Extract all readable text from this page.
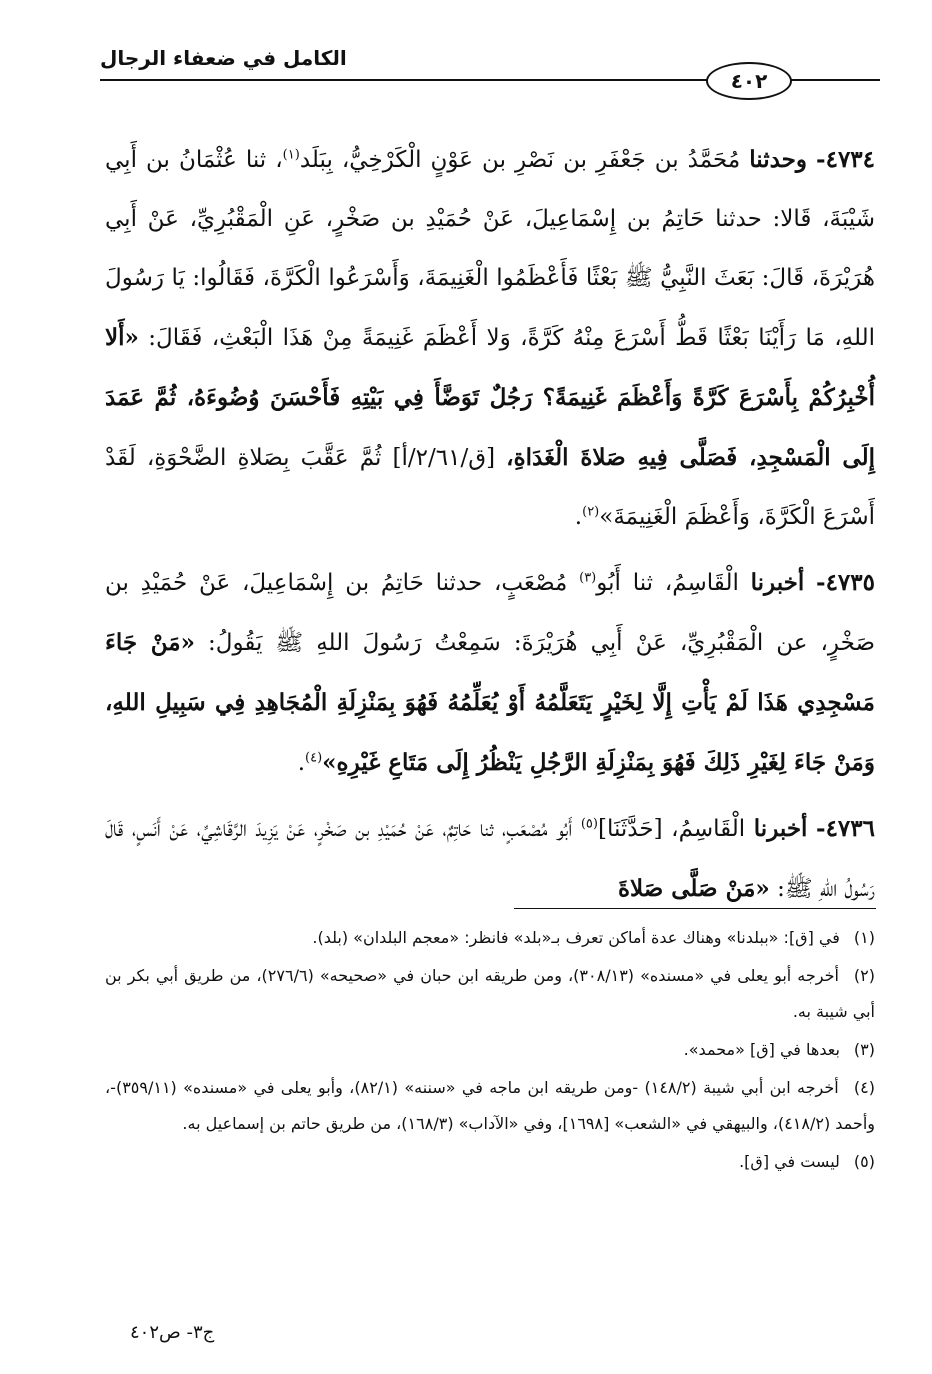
الكامل في ضعفاء الرجال
٤٠٢

٤٧٣٤- وحدثنا مُحَمَّدُ بن جَعْفَرِ بن نَصْرِ بن عَوْنٍ الْكَرْخِيُّ، بِبَلَد$^{(١)}$، ثنا عُثْمَانُ بن أَبِي شَيْبَةَ، قَالا: حدثنا حَاتِمُ بن إِسْمَاعِيلَ، عَنْ حُمَيْدِ بن صَخْرٍ، عَنِ الْمَقْبُرِيِّ، عَنْ أَبِي هُرَيْرَةَ، قَالَ: بَعَثَ النَّبِيُّ ﷺ بَعْثًا فَأَعْظَمُوا الْغَنِيمَةَ، وَأَسْرَعُوا الْكَرَّةَ، فَقَالُوا: يَا رَسُولَ اللهِ، مَا رَأَيْنَا بَعْثًا قَطُّ أَسْرَعَ مِنْهُ كَرَّةً، وَلا أَعْظَمَ غَنِيمَةً مِنْ هَذَا الْبَعْثِ، فَقَالَ: «أَلا أُخْبِرُكُمْ بِأَسْرَعَ كَرَّةً وَأَعْظَمَ غَنِيمَةً؟ رَجُلٌ تَوَضَّأَ فِي بَيْتِهِ فَأَحْسَنَ وُضُوءَهُ، ثُمَّ عَمَدَ إِلَى الْمَسْجِدِ، فَصَلَّى فِيهِ صَلاةَ الْغَدَاةِ، [ق/٢/٦١/أ] ثُمَّ عَقَّبَ بِصَلاةِ الضَّحْوَةِ، لَقَدْ أَسْرَعَ الْكَرَّةَ، وَأَعْظَمَ الْغَنِيمَةَ»$^{(٢)}$.

٤٧٣٥- أخبرنا الْقَاسِمُ، ثنا أَبُو$^{(٣)}$ مُصْعَبٍ، حدثنا حَاتِمُ بن إِسْمَاعِيلَ، عَنْ حُمَيْدِ بن صَخْرٍ، عن الْمَقْبُرِيِّ، عَنْ أَبِي هُرَيْرَةَ: سَمِعْتُ رَسُولَ اللهِ ﷺ يَقُولُ: «مَنْ جَاءَ مَسْجِدِي هَذَا لَمْ يَأْتِ إِلَّا لِخَيْرٍ يَتَعَلَّمُهُ أَوْ يُعَلِّمُهُ فَهُوَ بِمَنْزِلَةِ الْمُجَاهِدِ فِي سَبِيلِ اللهِ، وَمَنْ جَاءَ لِغَيْرِ ذَلِكَ فَهُوَ بِمَنْزِلَةِ الرَّجُلِ يَنْظُرُ إِلَى مَتَاعِ غَيْرِهِ»$^{(٤)}$.

٤٧٣٦- أخبرنا الْقَاسِمُ، [حَدَّثَنَا]$^{(٥)}$ أَبُو مُصْعَبٍ، ثنا حَاتِمٌ، عَنْ حُمَيْدِ بن صَخْرٍ، عَنْ يَزِيدَ الرَّقَاشِيِّ، عَنْ أَنَسٍ، قَالَ رَسُولُ اللهِ ﷺ: «مَنْ صَلَّى صَلاةَ

(١) في [ق]: «ببلدنا» وهناك عدة أماكن تعرف بـ«بلد» فانظر: «معجم البلدان» (بلد).

(٢) أخرجه أبو يعلى في «مسنده» (٣٠٨/١٣)، ومن طريقه ابن حبان في «صحيحه» (٢٧٦/٦)، من طريق أبي بكر بن أبي شيبة به.

(٣) بعدها في [ق] «محمد».

(٤) أخرجه ابن أبي شيبة (١٤٨/٢) -ومن طريقه ابن ماجه في «سننه» (٨٢/١)، وأبو يعلى في «مسنده» (٣٥٩/١١)-، وأحمد (٤١٨/٢)، والبيهقي في «الشعب» [١٦٩٨]، وفي «الآداب» (١٦٨/٣)، من طريق حاتم بن إسماعيل به.

(٥) ليست في [ق].

ج٣- ص٤٠٢
